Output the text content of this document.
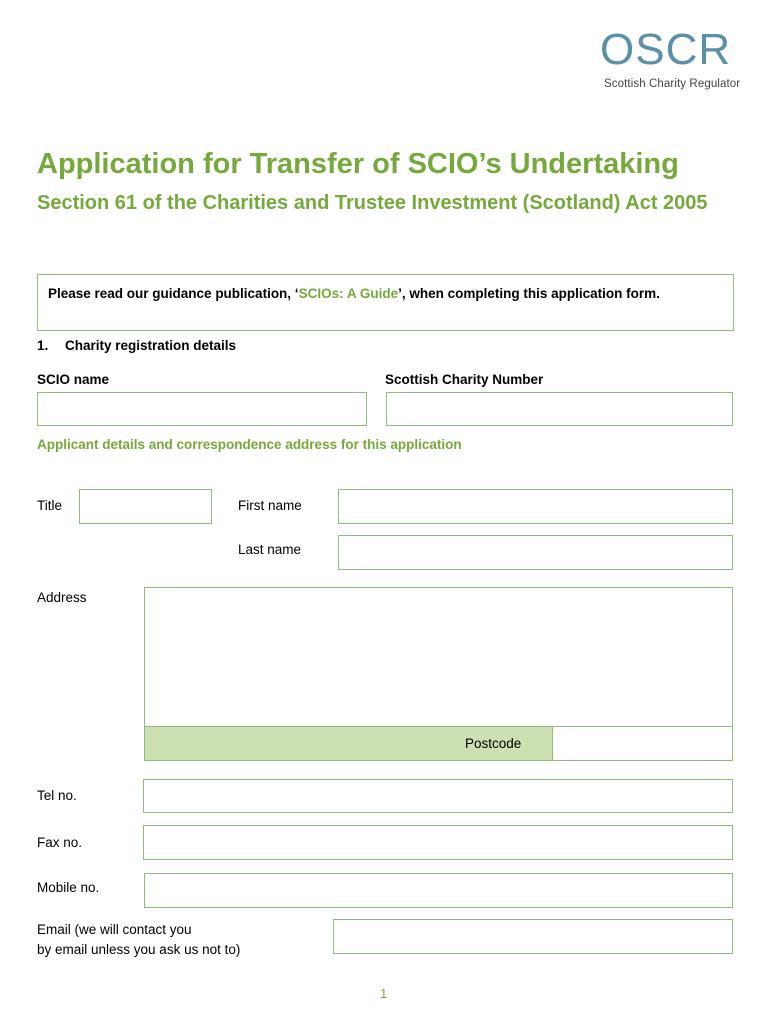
OSCR
Scottish Charity Regulator
Application for Transfer of SCIO’s Undertaking
Section 61 of the Charities and Trustee Investment (Scotland) Act 2005
Please read our guidance publication, ‘SCIOs: A Guide’, when completing this application form.
1. Charity registration details
SCIO name	Scottish Charity Number
Applicant details and correspondence address for this application
Title	First name
Last name
Address
Postcode
Tel no.
Fax no.
Mobile no.
Email (we will contact you
by email unless you ask us not to)
1
